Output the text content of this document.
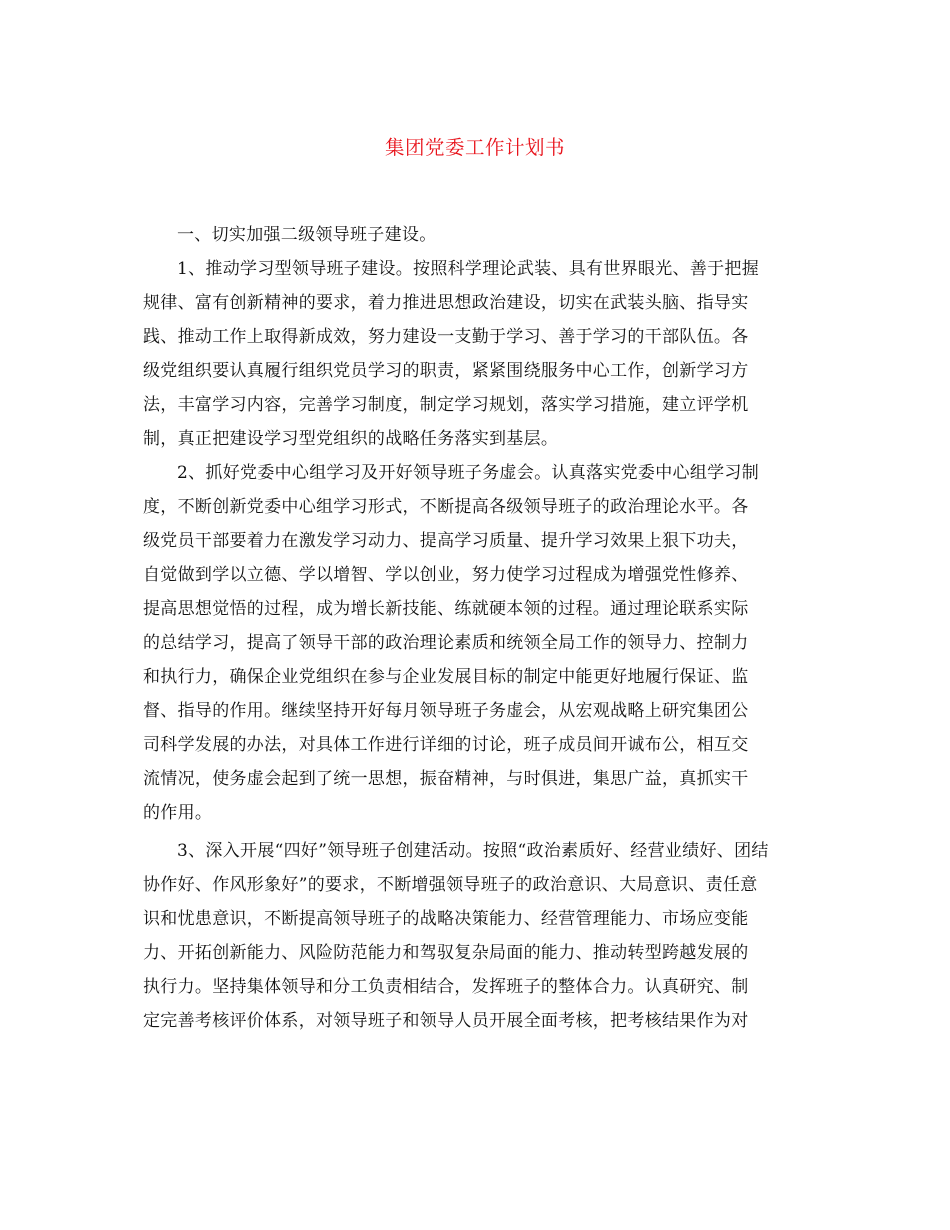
集团党委工作计划书

一、切实加强二级领导班子建设。

1、推动学习型领导班子建设。按照科学理论武装、具有世界眼光、善于把握
规律、富有创新精神的要求，着力推进思想政治建设，切实在武装头脑、指导实
践、推动工作上取得新成效，努力建设一支勤于学习、善于学习的干部队伍。各
级党组织要认真履行组织党员学习的职责，紧紧围绕服务中心工作，创新学习方
法，丰富学习内容，完善学习制度，制定学习规划，落实学习措施，建立评学机
制，真正把建设学习型党组织的战略任务落实到基层。

2、抓好党委中心组学习及开好领导班子务虚会。认真落实党委中心组学习制
度，不断创新党委中心组学习形式，不断提高各级领导班子的政治理论水平。各
级党员干部要着力在激发学习动力、提高学习质量、提升学习效果上狠下功夫，
自觉做到学以立德、学以增智、学以创业，努力使学习过程成为增强党性修养、
提高思想觉悟的过程，成为增长新技能、练就硬本领的过程。通过理论联系实际
的总结学习，提高了领导干部的政治理论素质和统领全局工作的领导力、控制力
和执行力，确保企业党组织在参与企业发展目标的制定中能更好地履行保证、监
督、指导的作用。继续坚持开好每月领导班子务虚会，从宏观战略上研究集团公
司科学发展的办法，对具体工作进行详细的讨论，班子成员间开诚布公，相互交
流情况，使务虚会起到了统一思想，振奋精神，与时俱进，集思广益，真抓实干
的作用。

3、深入开展“四好”领导班子创建活动。按照“政治素质好、经营业绩好、团结
协作好、作风形象好”的要求，不断增强领导班子的政治意识、大局意识、责任意
识和忧患意识，不断提高领导班子的战略决策能力、经营管理能力、市场应变能
力、开拓创新能力、风险防范能力和驾驭复杂局面的能力、推动转型跨越发展的
执行力。坚持集体领导和分工负责相结合，发挥班子的整体合力。认真研究、制
定完善考核评价体系，对领导班子和领导人员开展全面考核，把考核结果作为对
